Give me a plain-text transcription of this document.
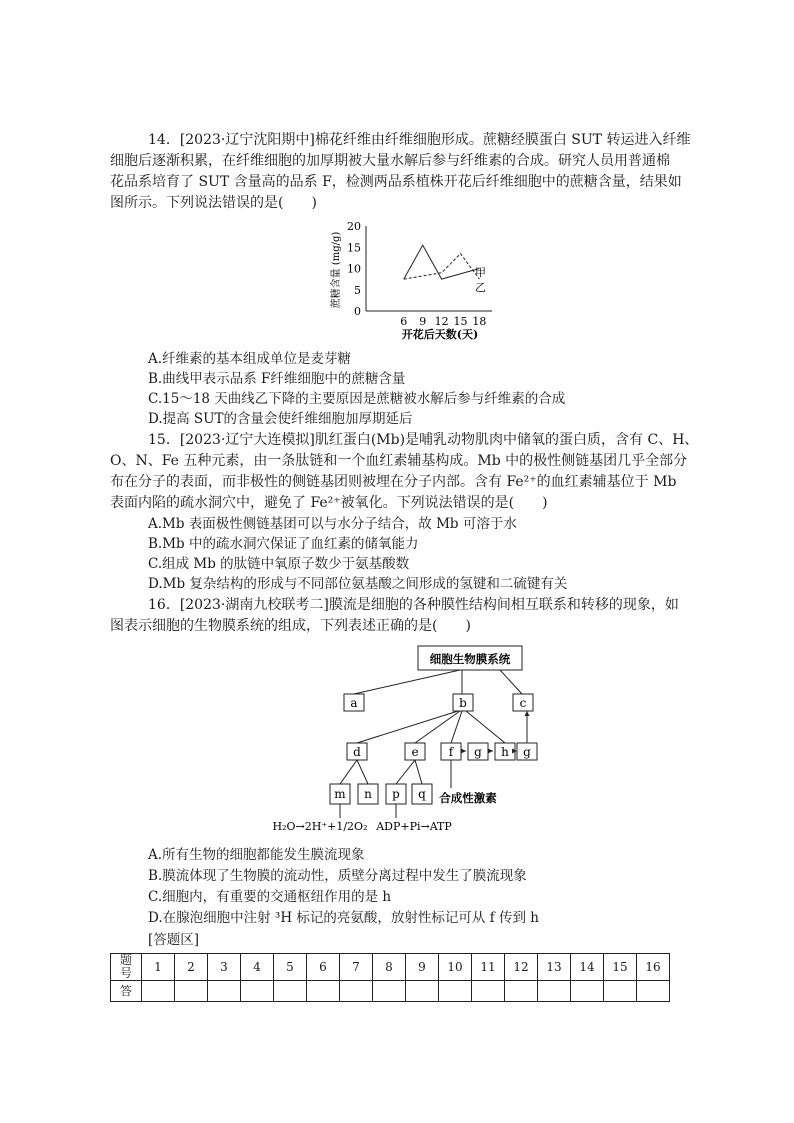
14．[2023·辽宁沈阳期中]棉花纤维由纤维细胞形成。蔗糖经膜蛋白 SUT 转运进入纤维
细胞后逐渐积累，在纤维细胞的加厚期被大量水解后参与纤维素的合成。研究人员用普通棉
花品系培育了 SUT 含量高的品系 F，检测两品系植株开花后纤维细胞中的蔗糖含量，结果如
图所示。下列说法错误的是(　　)
蔗糖含量 (mg/g)
0
5
10
15
20
6 9 12 15 18
甲
乙
开花后天数(天)
A.纤维素的基本组成单位是麦芽糖
B.曲线甲表示品系 F纤维细胞中的蔗糖含量
C.15～18 天曲线乙下降的主要原因是蔗糖被水解后参与纤维素的合成
D.提高 SUT的含量会使纤维细胞加厚期延后
15．[2023·辽宁大连模拟]肌红蛋白(Mb)是哺乳动物肌肉中储氧的蛋白质，含有 C、H、
O、N、Fe 五种元素，由一条肽链和一个血红素辅基构成。Mb 中的极性侧链基团几乎全部分
布在分子的表面，而非极性的侧链基团则被埋在分子内部。含有 Fe²⁺的血红素辅基位于 Mb
表面内陷的疏水洞穴中，避免了 Fe²⁺被氧化。下列说法错误的是(　　)
A.Mb 表面极性侧链基团可以与水分子结合，故 Mb 可溶于水
B.Mb 中的疏水洞穴保证了血红素的储氧能力
C.组成 Mb 的肽链中氧原子数少于氨基酸数
D.Mb 复杂结构的形成与不同部位氨基酸之间形成的氢键和二硫键有关
16．[2023·湖南九校联考二]膜流是细胞的各种膜性结构间相互联系和转移的现象，如
图表示细胞的生物膜系统的组成，下列表述正确的是(　　)
细胞生物膜系统
a	b	c
d	e	f g h g
m n p q 合成性激素
H₂O→2H⁺+1/2O₂ ADP+Pi→ATP
A.所有生物的细胞都能发生膜流现象
B.膜流体现了生物膜的流动性，质壁分离过程中发生了膜流现象
C.细胞内，有重要的交通枢纽作用的是 h
D.在腺泡细胞中注射 ³H 标记的亮氨酸，放射性标记可从 f 传到 h
[答题区]
题
号	1	2	3	4	5	6	7	8	9	10	11	12	13	14	15	16
答																
